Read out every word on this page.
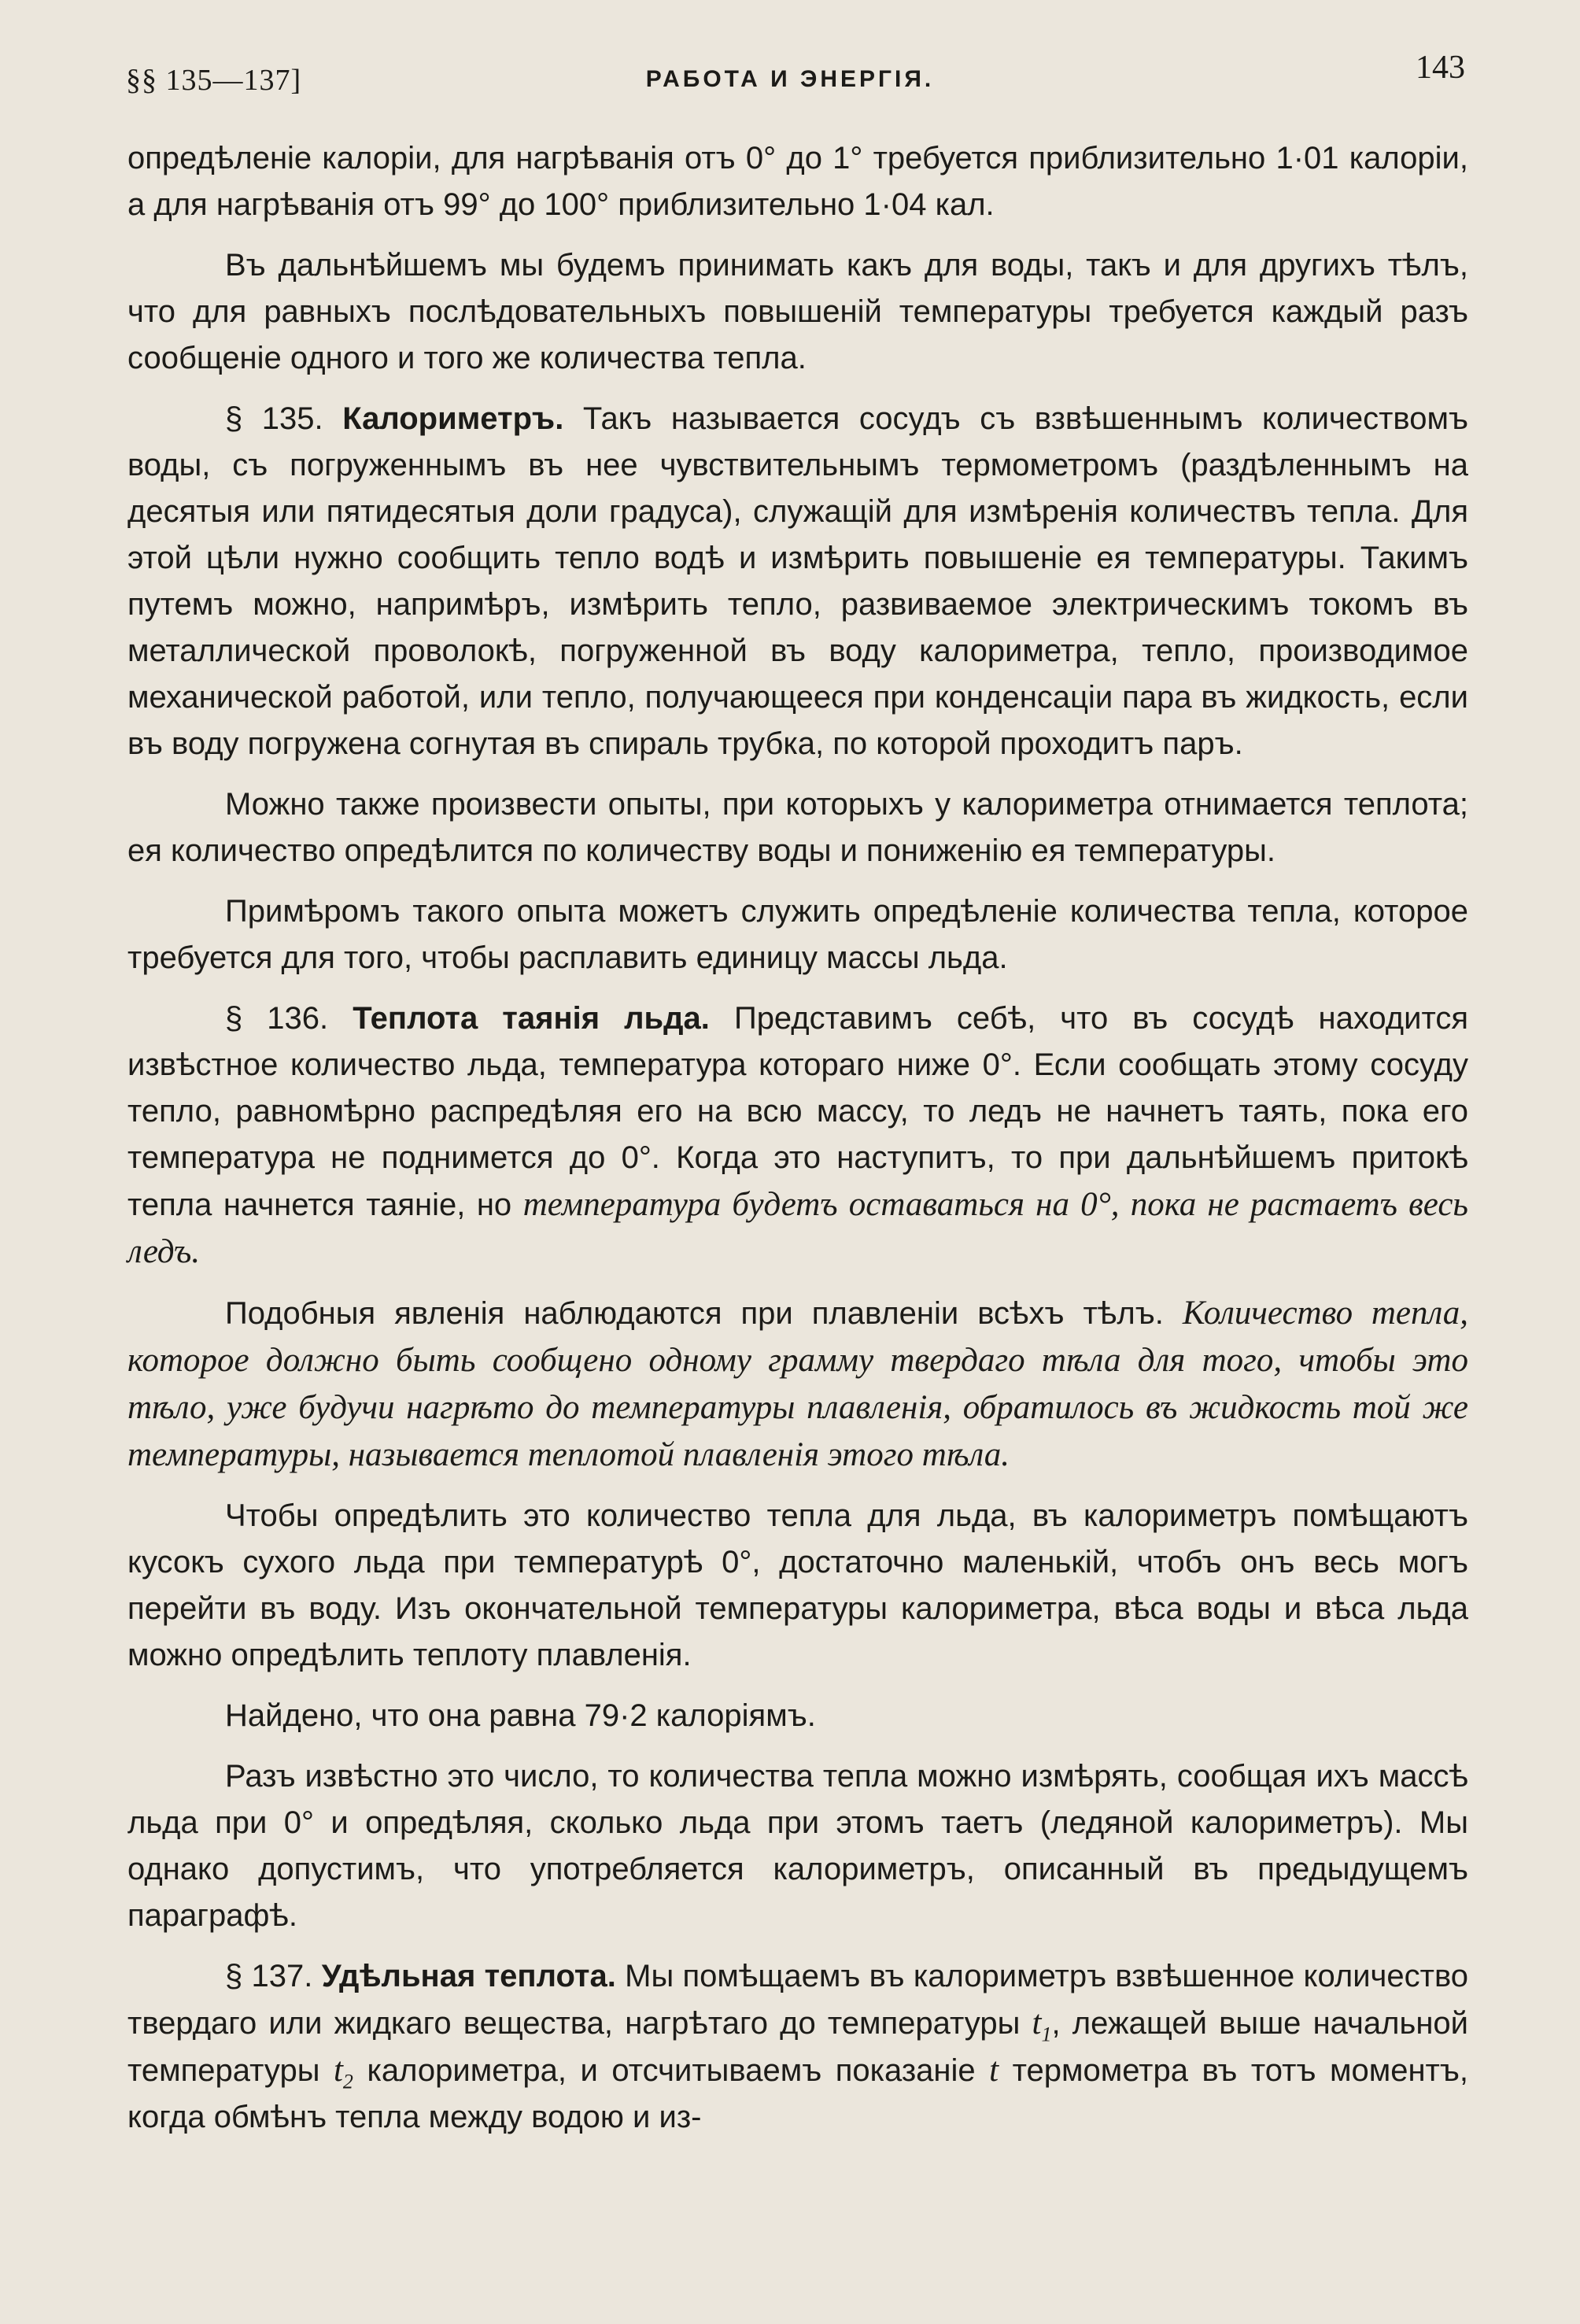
§§ 135—137]	РАБОТА И ЭНЕРГІЯ.	143

опредѣленіе калоріи, для нагрѣванія отъ 0° до 1° требуется приблизительно 1·01 калоріи, а для нагрѣванія отъ 99° до 100° приблизительно 1·04 кал.

Въ дальнѣйшемъ мы будемъ принимать какъ для воды, такъ и для другихъ тѣлъ, что для равныхъ послѣдовательныхъ повышеній температуры требуется каждый разъ сообщеніе одного и того же количества тепла.

§ 135. Калориметръ. Такъ называется сосудъ съ взвѣшеннымъ количествомъ воды, съ погруженнымъ въ нее чувствительнымъ термометромъ (раздѣленнымъ на десятыя или пятидесятыя доли градуса), служащій для измѣренія количествъ тепла. Для этой цѣли нужно сообщить тепло водѣ и измѣрить повышеніе ея температуры. Такимъ путемъ можно, напримѣръ, измѣрить тепло, развиваемое электрическимъ токомъ въ металлической проволокѣ, погруженной въ воду калориметра, тепло, производимое механической работой, или тепло, получающееся при конденсаціи пара въ жидкость, если въ воду погружена согнутая въ спираль трубка, по которой проходитъ паръ.

Можно также произвести опыты, при которыхъ у калориметра отнимается теплота; ея количество опредѣлится по количеству воды и пониженію ея температуры.

Примѣромъ такого опыта можетъ служить опредѣленіе количества тепла, которое требуется для того, чтобы расплавить единицу массы льда.

§ 136. Теплота таянія льда. Представимъ себѣ, что въ сосудѣ находится извѣстное количество льда, температура котораго ниже 0°. Если сообщать этому сосуду тепло, равномѣрно распредѣляя его на всю массу, то ледъ не начнетъ таять, пока его температура не поднимется до 0°. Когда это наступитъ, то при дальнѣйшемъ притокѣ тепла начнется таяніе, но температура будетъ оставаться на 0°, пока не растаетъ весь ледъ.

Подобныя явленія наблюдаются при плавленіи всѣхъ тѣлъ. Количество тепла, которое должно быть сообщено одному грамму твердаго тѣла для того, чтобы это тѣло, уже будучи нагрѣто до температуры плавленія, обратилось въ жидкость той же температуры, называется теплотой плавленія этого тѣла.

Чтобы опредѣлить это количество тепла для льда, въ калориметръ помѣщаютъ кусокъ сухого льда при температурѣ 0°, достаточно маленькій, чтобъ онъ весь могъ перейти въ воду. Изъ окончательной температуры калориметра, вѣса воды и вѣса льда можно опредѣлить теплоту плавленія.

Найдено, что она равна 79·2 калоріямъ.

Разъ извѣстно это число, то количества тепла можно измѣрять, сообщая ихъ массѣ льда при 0° и опредѣляя, сколько льда при этомъ таетъ (ледяной калориметръ). Мы однако допустимъ, что употребляется калориметръ, описанный въ предыдущемъ параграфѣ.

§ 137. Удѣльная теплота. Мы помѣщаемъ въ калориметръ взвѣшенное количество твердаго или жидкаго вещества, нагрѣтаго до температуры $t_1$, лежащей выше начальной температуры $t_2$ калориметра, и отсчитываемъ показаніе t термометра въ тотъ моментъ, когда обмѣнъ тепла между водою и из-
